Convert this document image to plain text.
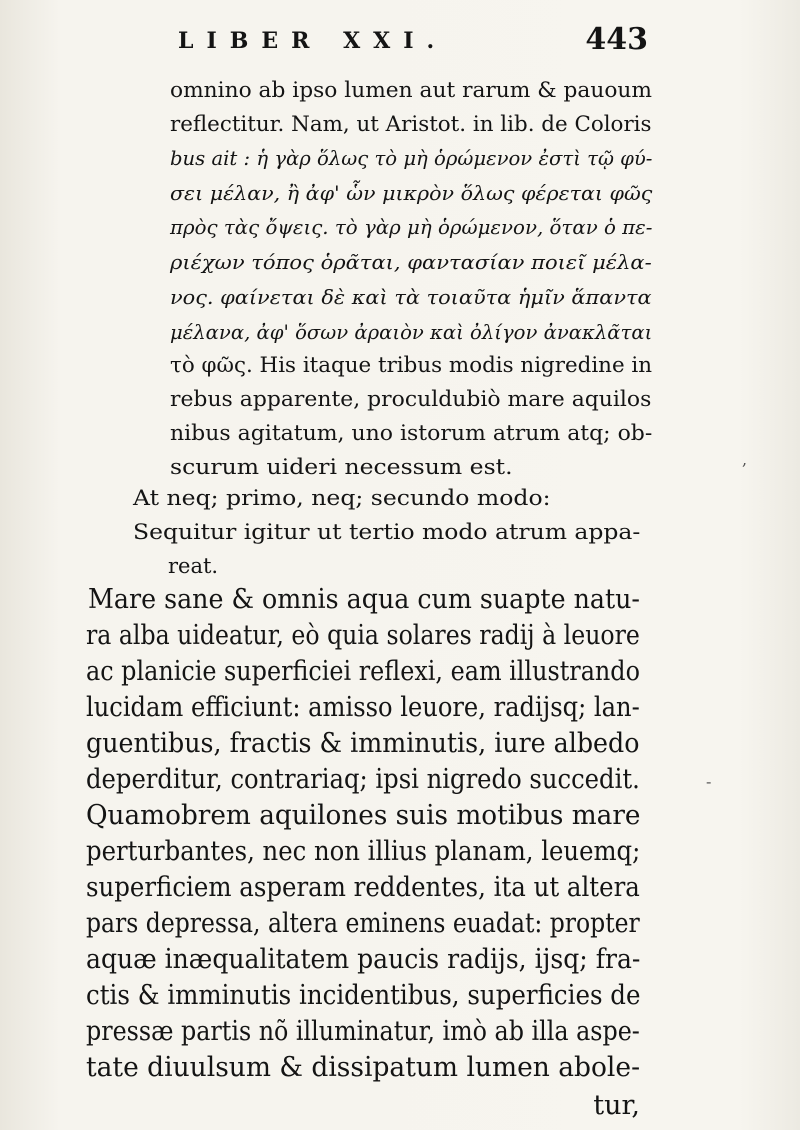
LIBER XXI.	443
omnino ab ipso lumen aut rarum & pauoum
reflectitur. Nam, ut Aristot. in lib. de Coloris
bus ait : ἡ γὰρ ὅλως τὸ μὴ ὁρώμενον ἐστὶ τῷ φύ-
σει μέλαν, ἢ ἀφ' ὧν μικρὸν ὅλως φέρεται φῶς
πρὸς τὰς ὄψεις. τὸ γὰρ μὴ ὁρώμενον, ὅταν ὁ πε-
ριέχων τόπος ὁρᾶται, φαντασίαν ποιεῖ μέλα-
νος. φαίνεται δὲ καὶ τὰ τοιαῦτα ἡμῖν ἅπαντα
μέλανα, ἀφ' ὅσων ἀραιὸν καὶ ὀλίγον ἀνακλᾶται
τὸ φῶς. His itaque tribus modis nigredine in
rebus apparente, proculdubiò mare aquilos
nibus agitatum, uno istorum atrum atq; ob-
scurum uideri necessum est.
At neq; primo, neq; secundo modo:
Sequitur igitur ut tertio modo atrum appa-
reat.
Mare sane & omnis aqua cum suapte natu-
ra alba uideatur, eò quia solares radij à leuore
ac planicie superficiei reflexi, eam illustrando
lucidam efficiunt: amisso leuore, radijsq; lan-
guentibus, fractis & imminutis, iure albedo
deperditur, contrariaq; ipsi nigredo succedit.
Quamobrem aquilones suis motibus mare
perturbantes, nec non illius planam, leuemq;
superficiem asperam reddentes, ita ut altera
pars depressa, altera eminens euadat: propter
aquæ inæqualitatem paucis radijs, ijsq; fra-
ctis & imminutis incidentibus, superficies de
pressæ partis nõ illuminatur, imò ab illa aspe-
tate diuulsum & dissipatum lumen abole-
tur,
,
-
